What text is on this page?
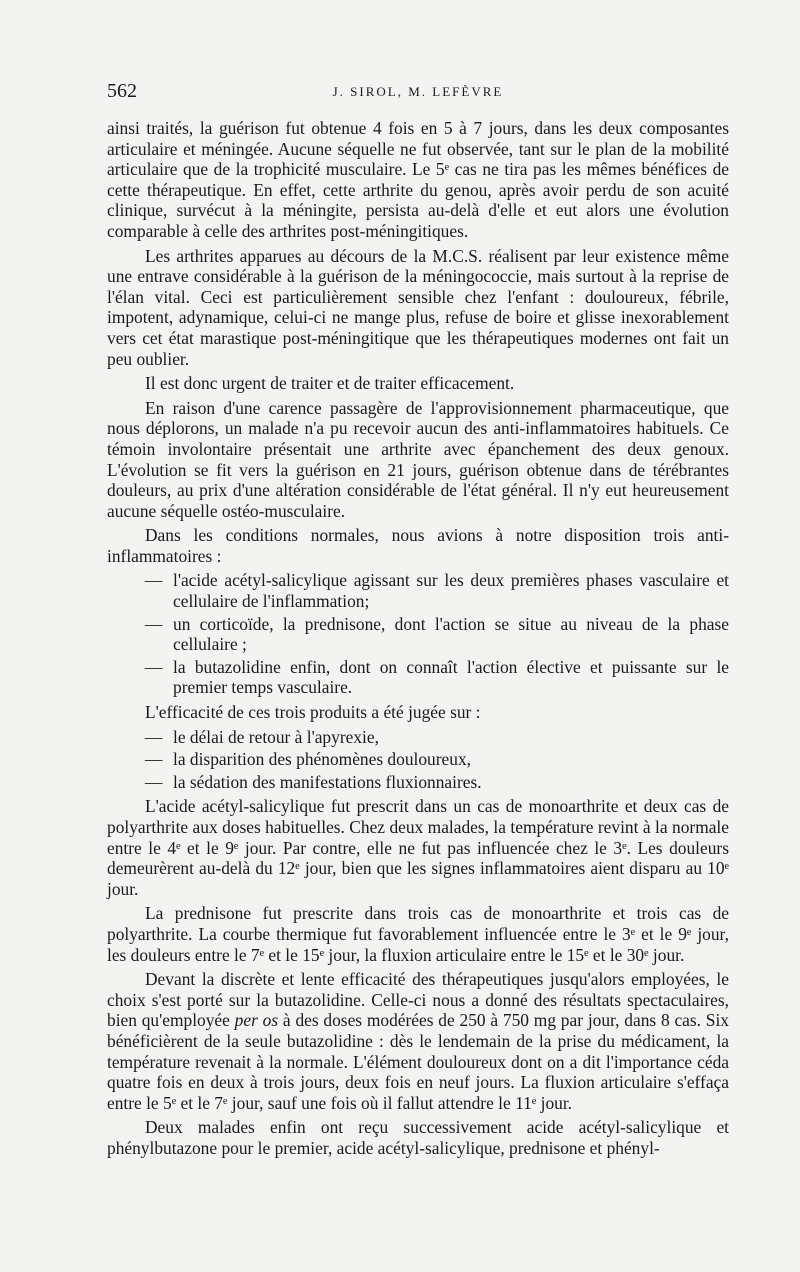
562	J. SIROL, M. LEFÈVRE

ainsi traités, la guérison fut obtenue 4 fois en 5 à 7 jours, dans les deux composantes articulaire et méningée. Aucune séquelle ne fut observée, tant sur le plan de la mobilité articulaire que de la trophicité musculaire. Le 5ᵉ cas ne tira pas les mêmes bénéfices de cette thérapeutique. En effet, cette arthrite du genou, après avoir perdu de son acuité clinique, survécut à la méningite, persista au-delà d'elle et eut alors une évolution comparable à celle des arthrites post-méningitiques.

Les arthrites apparues au décours de la M.C.S. réalisent par leur existence même une entrave considérable à la guérison de la méningococcie, mais surtout à la reprise de l'élan vital. Ceci est particulièrement sensible chez l'enfant : douloureux, fébrile, impotent, adynamique, celui-ci ne mange plus, refuse de boire et glisse inexorablement vers cet état marastique post-méningitique que les thérapeutiques modernes ont fait un peu oublier.

Il est donc urgent de traiter et de traiter efficacement.

En raison d'une carence passagère de l'approvisionnement pharmaceutique, que nous déplorons, un malade n'a pu recevoir aucun des anti-inflammatoires habituels. Ce témoin involontaire présentait une arthrite avec épanchement des deux genoux. L'évolution se fit vers la guérison en 21 jours, guérison obtenue dans de térébrantes douleurs, au prix d'une altération considérable de l'état général. Il n'y eut heureusement aucune séquelle ostéo-musculaire.

Dans les conditions normales, nous avions à notre disposition trois anti-inflammatoires :

— l'acide acétyl-salicylique agissant sur les deux premières phases vasculaire et cellulaire de l'inflammation;
— un corticoïde, la prednisone, dont l'action se situe au niveau de la phase cellulaire ;
— la butazolidine enfin, dont on connaît l'action élective et puissante sur le premier temps vasculaire.

L'efficacité de ces trois produits a été jugée sur :

— le délai de retour à l'apyrexie,
— la disparition des phénomènes douloureux,
— la sédation des manifestations fluxionnaires.

L'acide acétyl-salicylique fut prescrit dans un cas de monoarthrite et deux cas de polyarthrite aux doses habituelles. Chez deux malades, la température revint à la normale entre le 4ᵉ et le 9ᵉ jour. Par contre, elle ne fut pas influencée chez le 3ᵉ. Les douleurs demeurèrent au-delà du 12ᵉ jour, bien que les signes inflammatoires aient disparu au 10ᵉ jour.

La prednisone fut prescrite dans trois cas de monoarthrite et trois cas de polyarthrite. La courbe thermique fut favorablement influencée entre le 3ᵉ et le 9ᵉ jour, les douleurs entre le 7ᵉ et le 15ᵉ jour, la fluxion articulaire entre le 15ᵉ et le 30ᵉ jour.

Devant la discrète et lente efficacité des thérapeutiques jusqu'alors employées, le choix s'est porté sur la butazolidine. Celle-ci nous a donné des résultats spectaculaires, bien qu'employée per os à des doses modérées de 250 à 750 mg par jour, dans 8 cas. Six bénéficièrent de la seule butazolidine : dès le lendemain de la prise du médicament, la température revenait à la normale. L'élément douloureux dont on a dit l'importance céda quatre fois en deux à trois jours, deux fois en neuf jours. La fluxion articulaire s'effaça entre le 5ᵉ et le 7ᵉ jour, sauf une fois où il fallut attendre le 11ᵉ jour.

Deux malades enfin ont reçu successivement acide acétyl-salicylique et phénylbutazone pour le premier, acide acétyl-salicylique, prednisone et phényl-
